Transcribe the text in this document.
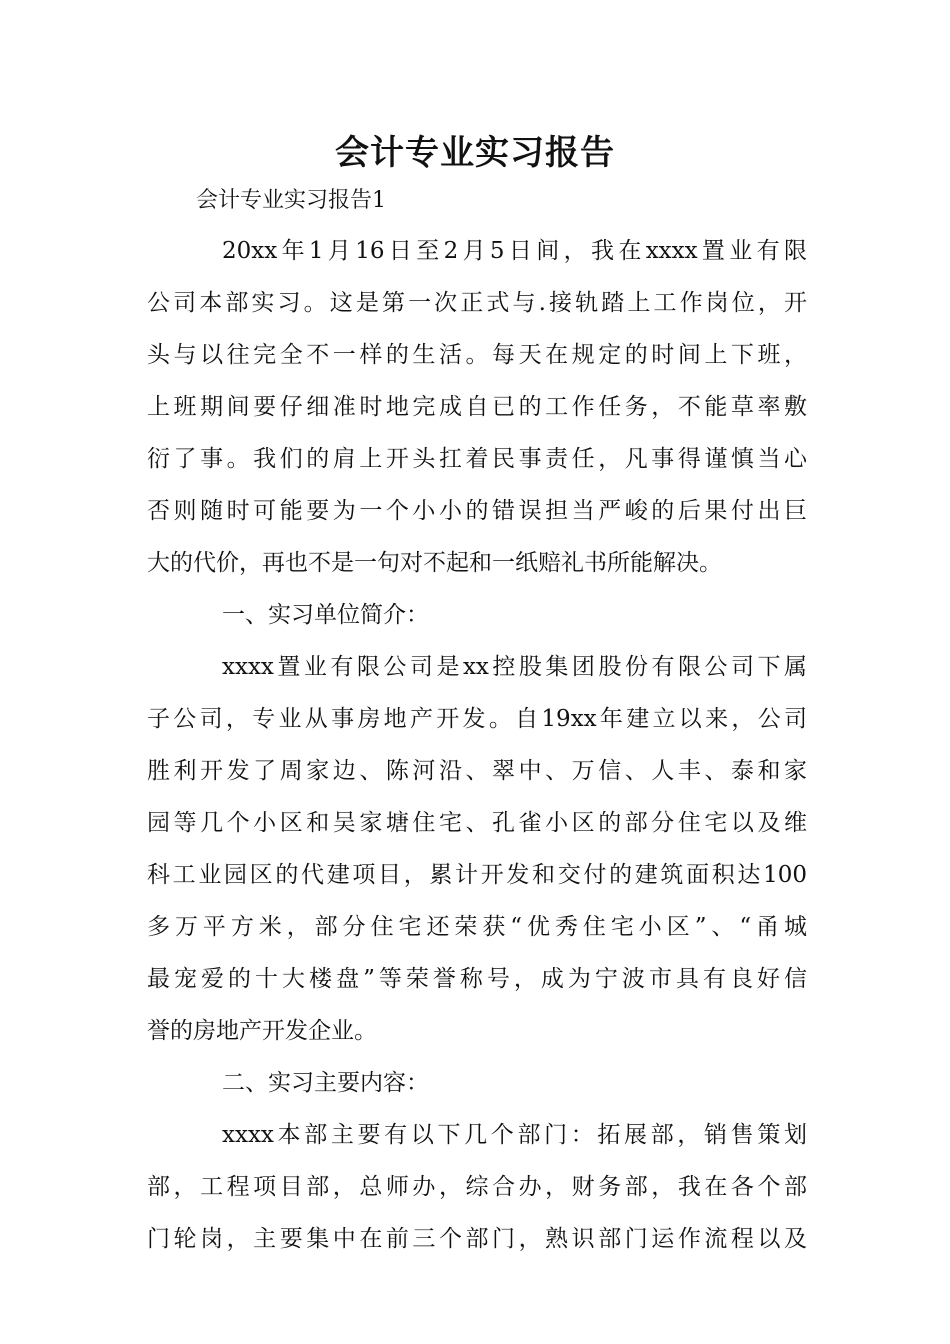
会计专业实习报告

会计专业实习报告1

20xx年1月16日至2月5日间，我在xxxx置业有限

公司本部实习。这是第一次正式与.接轨踏上工作岗位，开

头与以往完全不一样的生活。每天在规定的时间上下班，

上班期间要仔细准时地完成自已的工作任务，不能草率敷

衍了事。我们的肩上开头扛着民事责任，凡事得谨慎当心

否则随时可能要为一个小小的错误担当严峻的后果付出巨

大的代价，再也不是一句对不起和一纸赔礼书所能解决。

一、实习单位简介：

xxxx置业有限公司是xx控股集团股份有限公司下属

子公司，专业从事房地产开发。自19xx年建立以来，公司

胜利开发了周家边、陈河沿、翠中、万信、人丰、泰和家

园等几个小区和吴家塘住宅、孔雀小区的部分住宅以及维

科工业园区的代建项目，累计开发和交付的建筑面积达100

多万平方米，部分住宅还荣获“优秀住宅小区”、“甬城

最宠爱的十大楼盘”等荣誉称号，成为宁波市具有良好信

誉的房地产开发企业。

二、实习主要内容：

xxxx本部主要有以下几个部门：拓展部，销售策划

部，工程项目部，总师办，综合办，财务部，我在各个部

门轮岗，主要集中在前三个部门，熟识部门运作流程以及
